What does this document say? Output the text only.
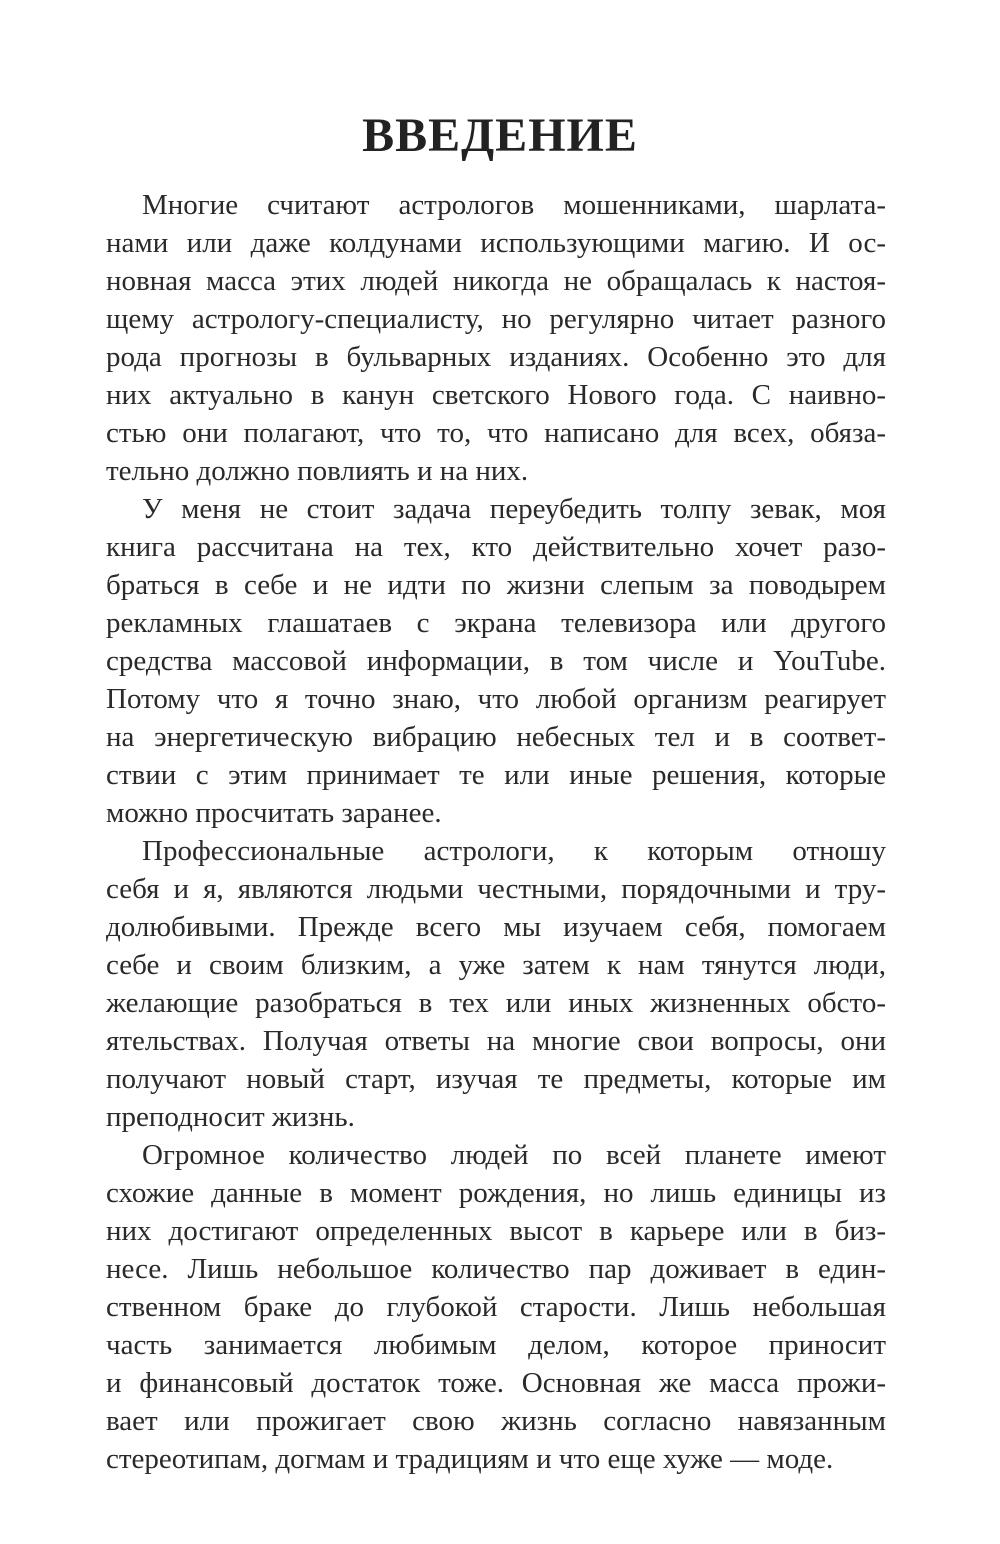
ВВЕДЕНИЕ
Многие считают астрологов мошенниками, шарлата-
нами или даже колдунами использующими магию. И ос-
новная масса этих людей никогда не обращалась к настоя-
щему астрологу-специалисту, но регулярно читает разного
рода прогнозы в бульварных изданиях. Особенно это для
них актуально в канун светского Нового года. С наивно-
стью они полагают, что то, что написано для всех, обяза-
тельно должно повлиять и на них.
У меня не стоит задача переубедить толпу зевак, моя
книга рассчитана на тех, кто действительно хочет разо-
браться в себе и не идти по жизни слепым за поводырем
рекламных глашатаев с экрана телевизора или другого
средства массовой информации, в том числе и YouTube.
Потому что я точно знаю, что любой организм реагирует
на энергетическую вибрацию небесных тел и в соответ-
ствии с этим принимает те или иные решения, которые
можно просчитать заранее.
Профессиональные астрологи, к которым отношу
себя и я, являются людьми честными, порядочными и тру-
долюбивыми. Прежде всего мы изучаем себя, помогаем
себе и своим близким, а уже затем к нам тянутся люди,
желающие разобраться в тех или иных жизненных обсто-
ятельствах. Получая ответы на многие свои вопросы, они
получают новый старт, изучая те предметы, которые им
преподносит жизнь.
Огромное количество людей по всей планете имеют
схожие данные в момент рождения, но лишь единицы из
них достигают определенных высот в карьере или в биз-
несе. Лишь небольшое количество пар доживает в един-
ственном браке до глубокой старости. Лишь небольшая
часть занимается любимым делом, которое приносит
и финансовый достаток тоже. Основная же масса прожи-
вает или прожигает свою жизнь согласно навязанным
стереотипам, догмам и традициям и что еще хуже — моде.
